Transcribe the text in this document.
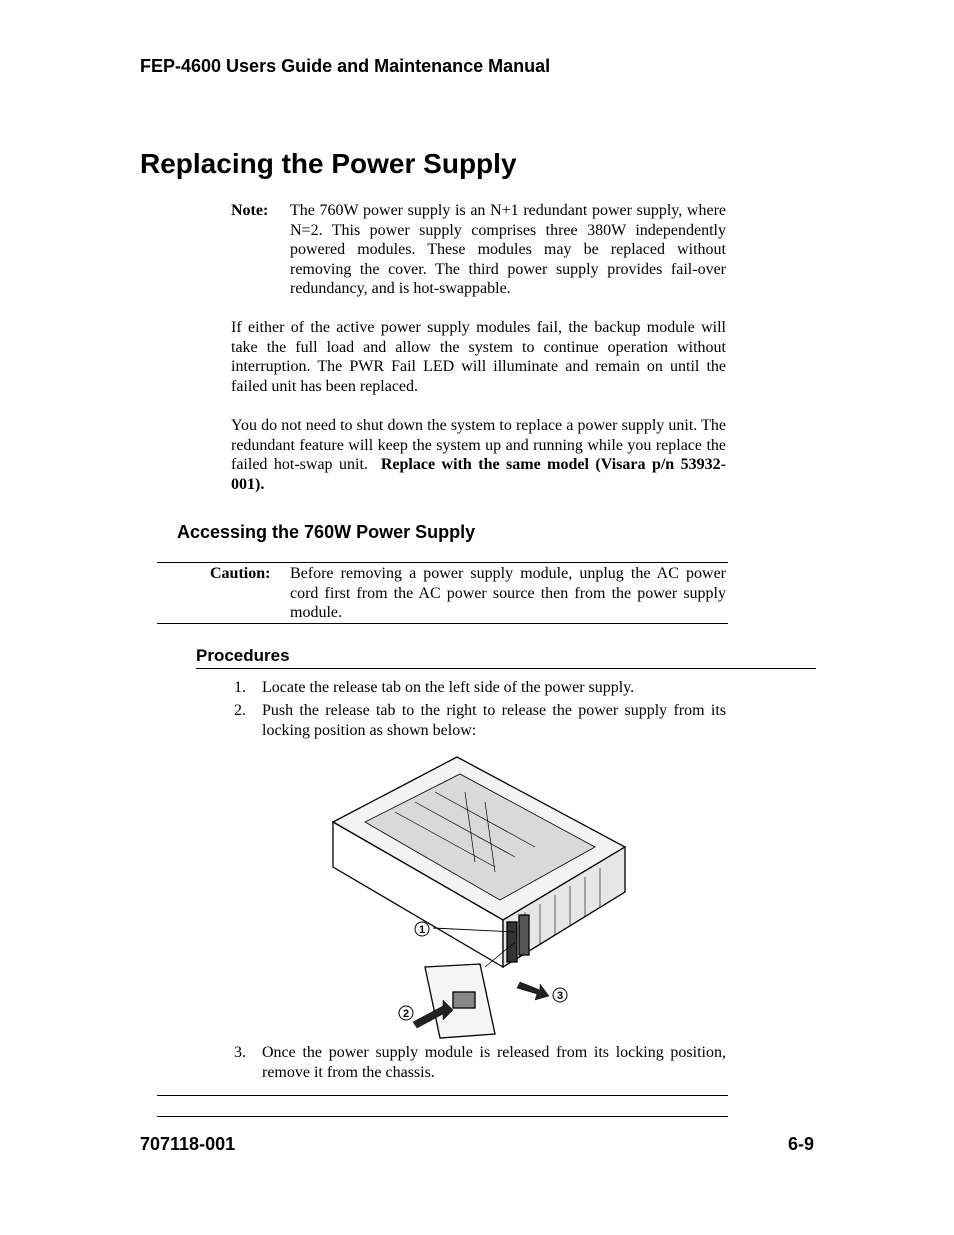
FEP-4600 Users Guide and Maintenance Manual
Replacing the Power Supply
Note: The 760W power supply is an N+1 redundant power supply, where N=2. This power supply comprises three 380W independently powered modules. These modules may be replaced without removing the cover. The third power supply provides fail-over redundancy, and is hot-swappable.
If either of the active power supply modules fail, the backup module will take the full load and allow the system to continue operation without interruption. The PWR Fail LED will illuminate and remain on until the failed unit has been replaced.
You do not need to shut down the system to replace a power supply unit. The redundant feature will keep the system up and running while you replace the failed hot-swap unit. Replace with the same model (Visara p/n 53932-001).
Accessing the 760W Power Supply
Caution: Before removing a power supply module, unplug the AC power cord first from the AC power source then from the power supply module.
Procedures
1. Locate the release tab on the left side of the power supply.
2. Push the release tab to the right to release the power supply from its locking position as shown below:
1
2
3
3. Once the power supply module is released from its locking position, remove it from the chassis.
707118-001	6-9
